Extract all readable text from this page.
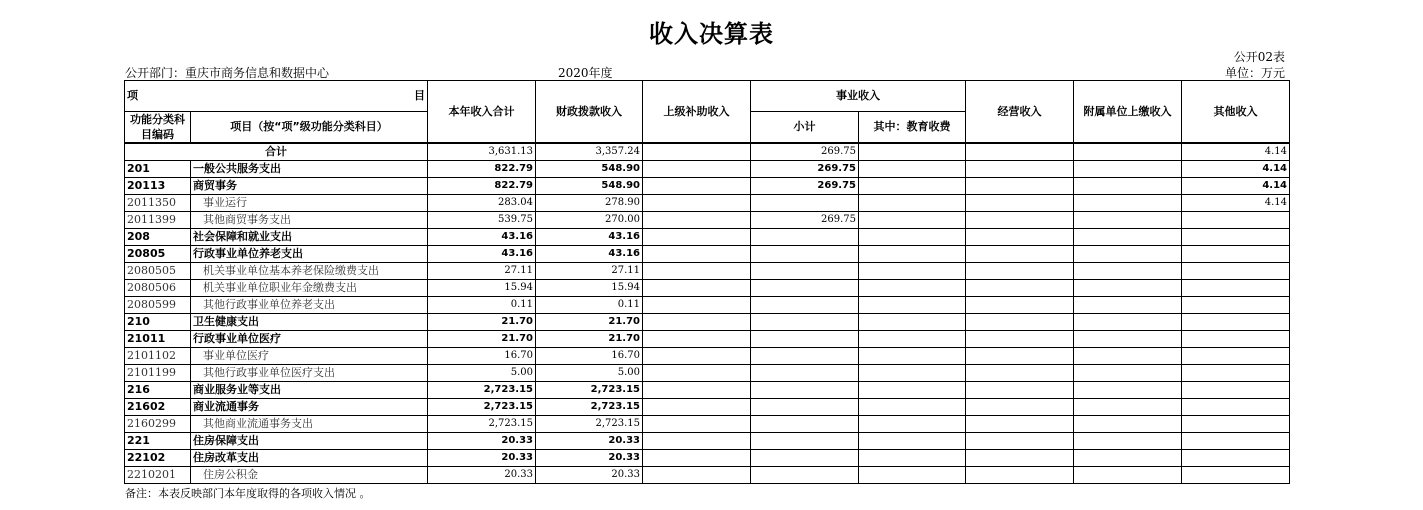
收入决算表
公开02表
单位：万元
公开部门：重庆市商务信息和数据中心	2020年度
项 目		本年收入合计	财政拨款收入	上级补助收入	事业收入		经营收入	附属单位上缴收入	其他收入
功能分类科目编码	项目（按“项”级功能分类科目）				小计	其中：教育收费			

合计		3,631.13	3,357.24		269.75				4.14
201	一般公共服务支出	822.79	548.90		269.75				4.14
20113	商贸事务	822.79	548.90		269.75				4.14
2011350	事业运行	283.04	278.90						4.14
2011399	其他商贸事务支出	539.75	270.00		269.75				
208	社会保障和就业支出	43.16	43.16						
20805	行政事业单位养老支出	43.16	43.16						
2080505	机关事业单位基本养老保险缴费支出	27.11	27.11						
2080506	机关事业单位职业年金缴费支出	15.94	15.94						
2080599	其他行政事业单位养老支出	0.11	0.11						
210	卫生健康支出	21.70	21.70						
21011	行政事业单位医疗	21.70	21.70						
2101102	事业单位医疗	16.70	16.70						
2101199	其他行政事业单位医疗支出	5.00	5.00						
216	商业服务业等支出	2,723.15	2,723.15						
21602	商业流通事务	2,723.15	2,723.15						
2160299	其他商业流通事务支出	2,723.15	2,723.15						
221	住房保障支出	20.33	20.33						
22102	住房改革支出	20.33	20.33						
2210201	住房公积金	20.33	20.33						
备注：本表反映部门本年度取得的各项收入情况 。
